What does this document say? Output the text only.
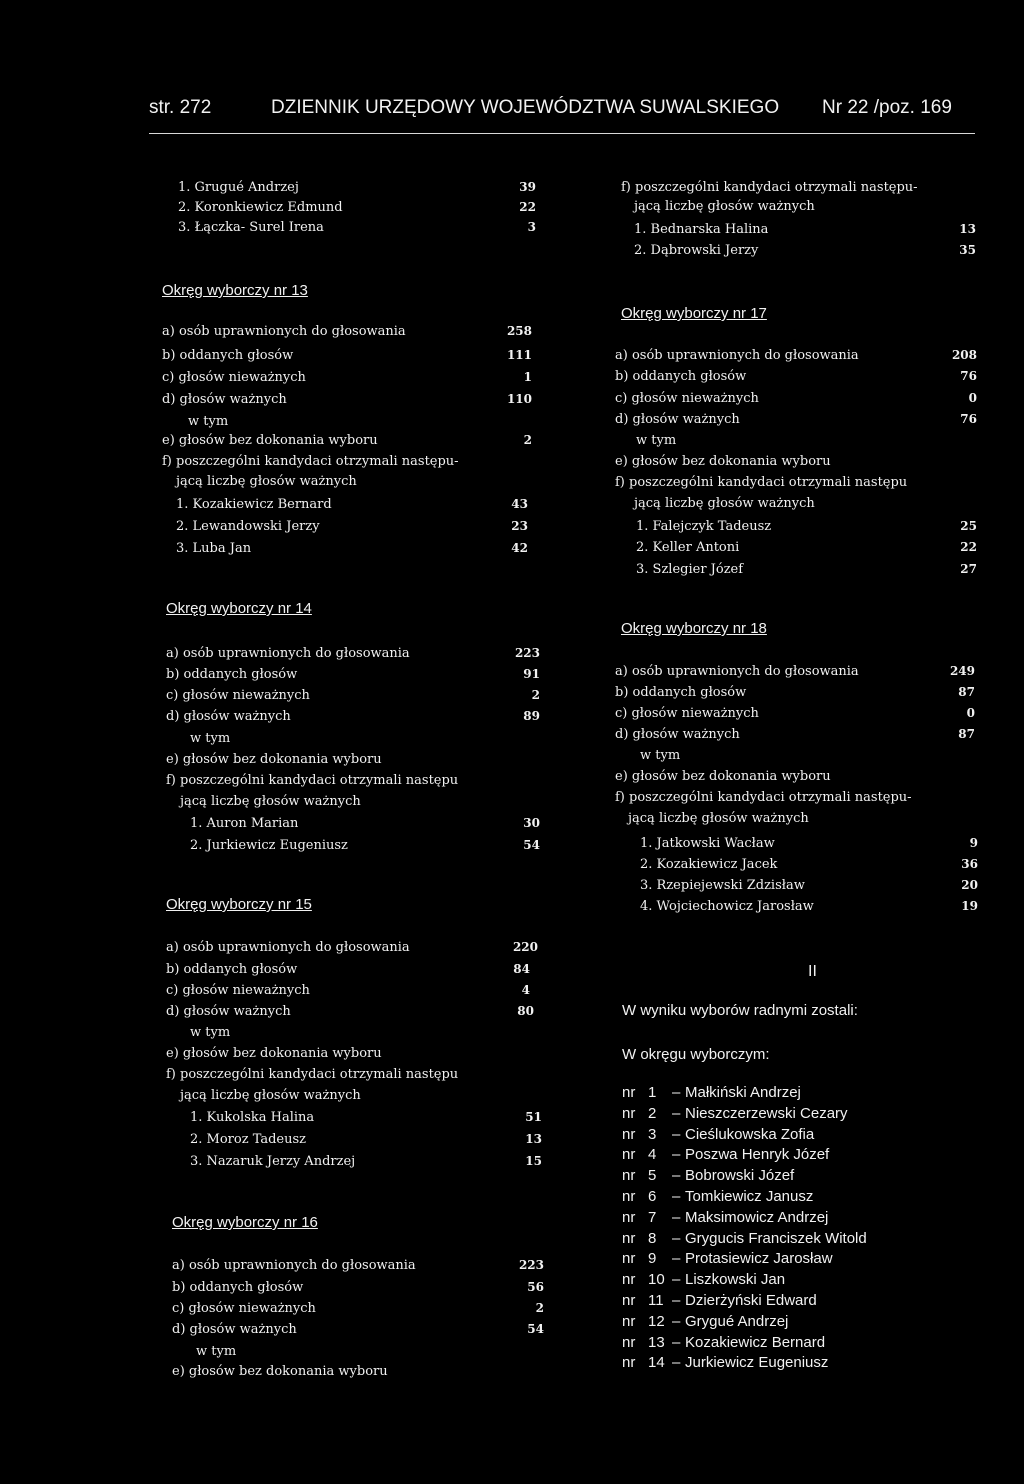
str. 272	DZIENNIK URZĘDOWY WOJEWÓDZTWA SUWALSKIEGO Nr 22 /poz. 169
1. Grugué Andrzej	39
2. Koronkiewicz Edmund	22
3. Łączka- Surel Irena	3
f) poszczególni kandydaci otrzymali następu-
jącą liczbę głosów ważnych
1. Bednarska Halina	13
2. Dąbrowski Jerzy	35
Okręg wyborczy nr 13
a) osób uprawnionych do głosowania	258
b) oddanych głosów	111
c) głosów nieważnych	1
d) głosów ważnych	110
w tym
e) głosów bez dokonania wyboru	2
f) poszczególni kandydaci otrzymali następu-
jącą liczbę głosów ważnych
1. Kozakiewicz Bernard	43
2. Lewandowski Jerzy	23
3. Luba Jan	42
Okręg wyborczy nr 14
a) osób uprawnionych do głosowania	223
b) oddanych głosów	91
c) głosów nieważnych	2
d) głosów ważnych	89
w tym
e) głosów bez dokonania wyboru
f) poszczególni kandydaci otrzymali następu
jącą liczbę głosów ważnych
1. Auron Marian	30
2. Jurkiewicz Eugeniusz	54
Okręg wyborczy nr 15
a) osób uprawnionych do głosowania	220
b) oddanych głosów	84
c) głosów nieważnych	4
d) głosów ważnych	80
w tym
e) głosów bez dokonania wyboru
f) poszczególni kandydaci otrzymali następu
jącą liczbę głosów ważnych
1. Kukolska Halina	51
2. Moroz Tadeusz	13
3. Nazaruk Jerzy Andrzej	15
Okręg wyborczy nr 16
a) osób uprawnionych do głosowania	223
b) oddanych głosów	56
c) głosów nieważnych	2
d) głosów ważnych	54
w tym
e) głosów bez dokonania wyboru
Okręg wyborczy nr 17
a) osób uprawnionych do głosowania	208
b) oddanych głosów	76
c) głosów nieważnych	0
d) głosów ważnych	76
w tym
e) głosów bez dokonania wyboru
f) poszczególni kandydaci otrzymali następu
jącą liczbę głosów ważnych
1. Falejczyk Tadeusz	25
2. Keller Antoni	22
3. Szlegier Józef	27
Okręg wyborczy nr 18
a) osób uprawnionych do głosowania	249
b) oddanych głosów	87
c) głosów nieważnych	0
d) głosów ważnych	87
w tym
e) głosów bez dokonania wyboru
f) poszczególni kandydaci otrzymali następu-
jącą liczbę głosów ważnych
1. Jatkowski Wacław	9
2. Kozakiewicz Jacek	36
3. Rzepiejewski Zdzisław	20
4. Wojciechowicz Jarosław	19
II
W wyniku wyborów radnymi zostali:
W okręgu wyborczym:
nr 1	– Małkiński Andrzej
nr 2	– Nieszczerzewski Cezary
nr 3	– Cieślukowska Zofia
nr 4	– Poszwa Henryk Józef
nr 5	– Bobrowski Józef
nr 6	– Tomkiewicz Janusz
nr 7	– Maksimowicz Andrzej
nr 8	– Grygucis Franciszek Witold
nr 9	– Protasiewicz Jarosław
nr 10 – Liszkowski Jan
nr 11 – Dzierżyński Edward
nr 12 – Grygué Andrzej
nr 13 – Kozakiewicz Bernard
nr 14 – Jurkiewicz Eugeniusz
